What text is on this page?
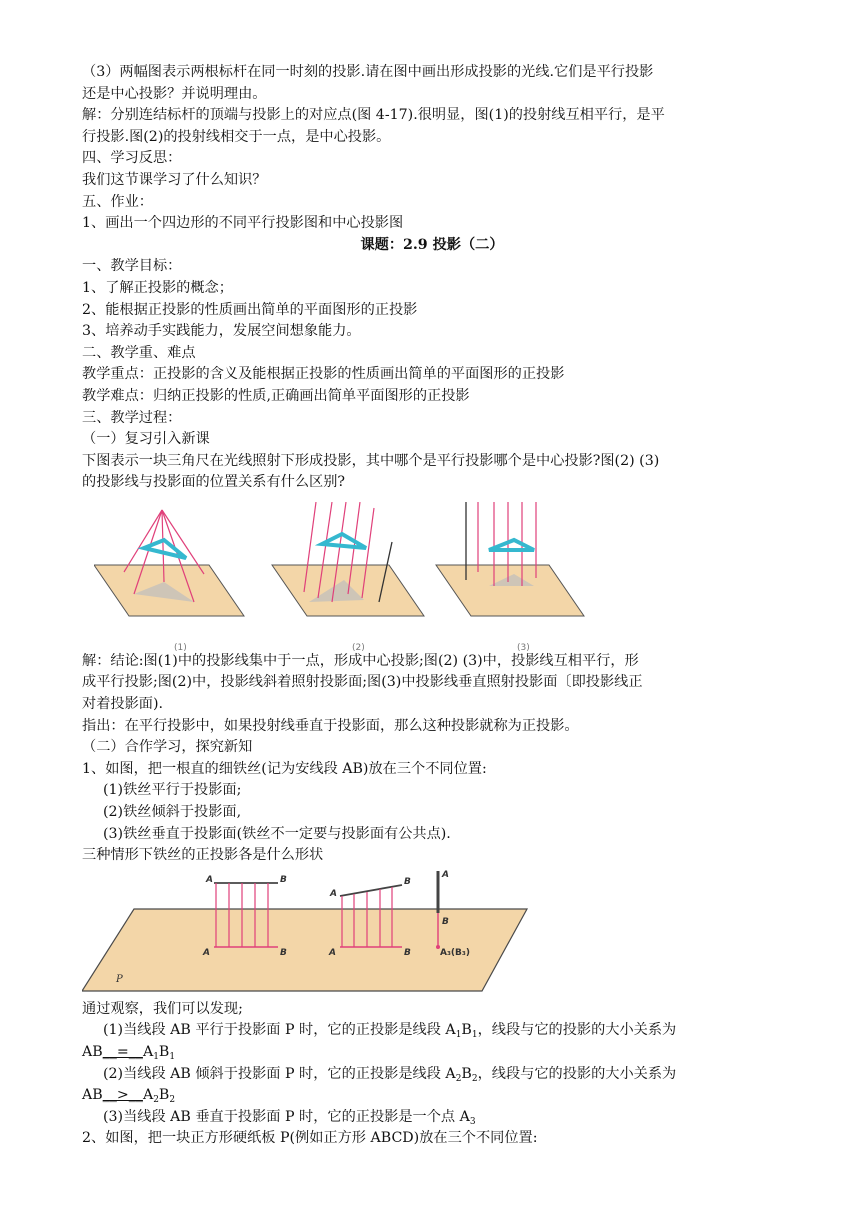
（3）两幅图表示两根标杆在同一时刻的投影.请在图中画出形成投影的光线.它们是平行投影

还是中心投影？并说明理由。

解：分别连结标杆的顶端与投影上的对应点(图 4-17).很明显，图(1)的投射线互相平行，是平

行投影.图(2)的投射线相交于一点，是中心投影。

四、学习反思：

我们这节课学习了什么知识？

五、作业：

1、画出一个四边形的不同平行投影图和中心投影图

课题：2.9 投影（二）

一、教学目标：

1、了解正投影的概念；

2、能根据正投影的性质画出简单的平面图形的正投影

3、培养动手实践能力，发展空间想象能力。

二、教学重、难点

教学重点：正投影的含义及能根据正投影的性质画出简单的平面图形的正投影

教学难点：归纳正投影的性质,正确画出简单平面图形的正投影

三、教学过程：

（一）复习引入新课

下图表示一块三角尺在光线照射下形成投影，其中哪个是平行投影哪个是中心投影?图(2) (3)

的投影线与投影面的位置关系有什么区别?

(1)	(2)	(3)

解：结论:图(1)中的投影线集中于一点，形成中心投影;图(2) (3)中，投影线互相平行，形

成平行投影;图(2)中，投影线斜着照射投影面;图(3)中投影线垂直照射投影面〔即投影线正

对着投影面).

指出：在平行投影中，如果投射线垂直于投影面，那么这种投影就称为正投影。

（二）合作学习，探究新知

1、如图，把一根直的细铁丝(记为安线段 AB)放在三个不同位置:

(1)铁丝平行于投影面;

(2)铁丝倾斜于投影面,

(3)铁丝垂直于投影面(铁丝不一定要与投影面有公共点).

三种情形下铁丝的正投影各是什么形状

P
A	B
A	B
A
B
A	B
A
B
A₃(B₃)

通过观察，我们可以发现;

(1)当线段 AB 平行于投影面 P 时，它的正投影是线段 $A_1B_1$，线段与它的投影的大小关系为

$AB\_\_=\_\_A_1B_1$

(2)当线段 AB 倾斜于投影面 P 时，它的正投影是线段 $A_2B_2$，线段与它的投影的大小关系为

$AB\_\_>\_\_A_2B_2$

(3)当线段 AB 垂直于投影面 P 时，它的正投影是一个点 $A_3$

2、如图，把一块正方形硬纸板 P(例如正方形 ABCD)放在三个不同位置:
